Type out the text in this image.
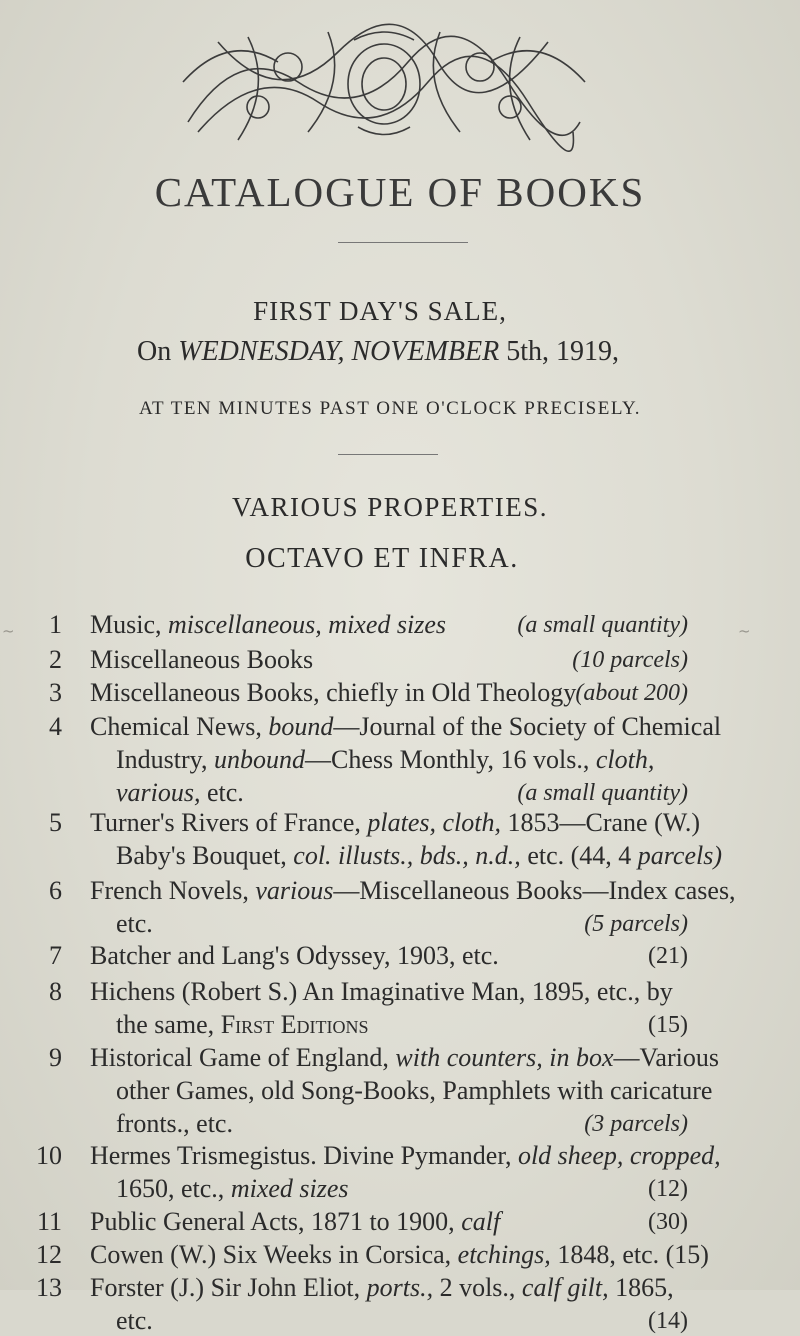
CATALOGUE OF BOOKS
FIRST DAY'S SALE,
On WEDNESDAY, NOVEMBER 5th, 1919,
AT TEN MINUTES PAST ONE O'CLOCK PRECISELY.
VARIOUS PROPERTIES.
OCTAVO ET INFRA.
1 Music, miscellaneous, mixed sizes	(a small quantity)
2 Miscellaneous Books	(10 parcels)
3 Miscellaneous Books, chiefly in Old Theology (about 200)
4 Chemical News, bound—Journal of the Society of Chemical
Industry, unbound—Chess Monthly, 16 vols., cloth,
various, etc.	(a small quantity)
5 Turner's Rivers of France, plates, cloth, 1853—Crane (W.)
Baby's Bouquet, col. illusts., bds., n.d., etc. (44, 4 parcels)
6 French Novels, various—Miscellaneous Books—Index cases,
etc.	(5 parcels)
7 Batcher and Lang's Odyssey, 1903, etc.	(21)
8 Hichens (Robert S.) An Imaginative Man, 1895, etc., by
the same, First Editions	(15)
9 Historical Game of England, with counters, in box—Various
other Games, old Song-Books, Pamphlets with caricature
fronts., etc.	(3 parcels)
10 Hermes Trismegistus. Divine Pymander, old sheep, cropped,
1650, etc., mixed sizes	(12)
11 Public General Acts, 1871 to 1900, calf	(30)
12 Cowen (W.) Six Weeks in Corsica, etchings, 1848, etc. (15)
13 Forster (J.) Sir John Eliot, ports., 2 vols., calf gilt, 1865,
etc.	(14)
~	~
